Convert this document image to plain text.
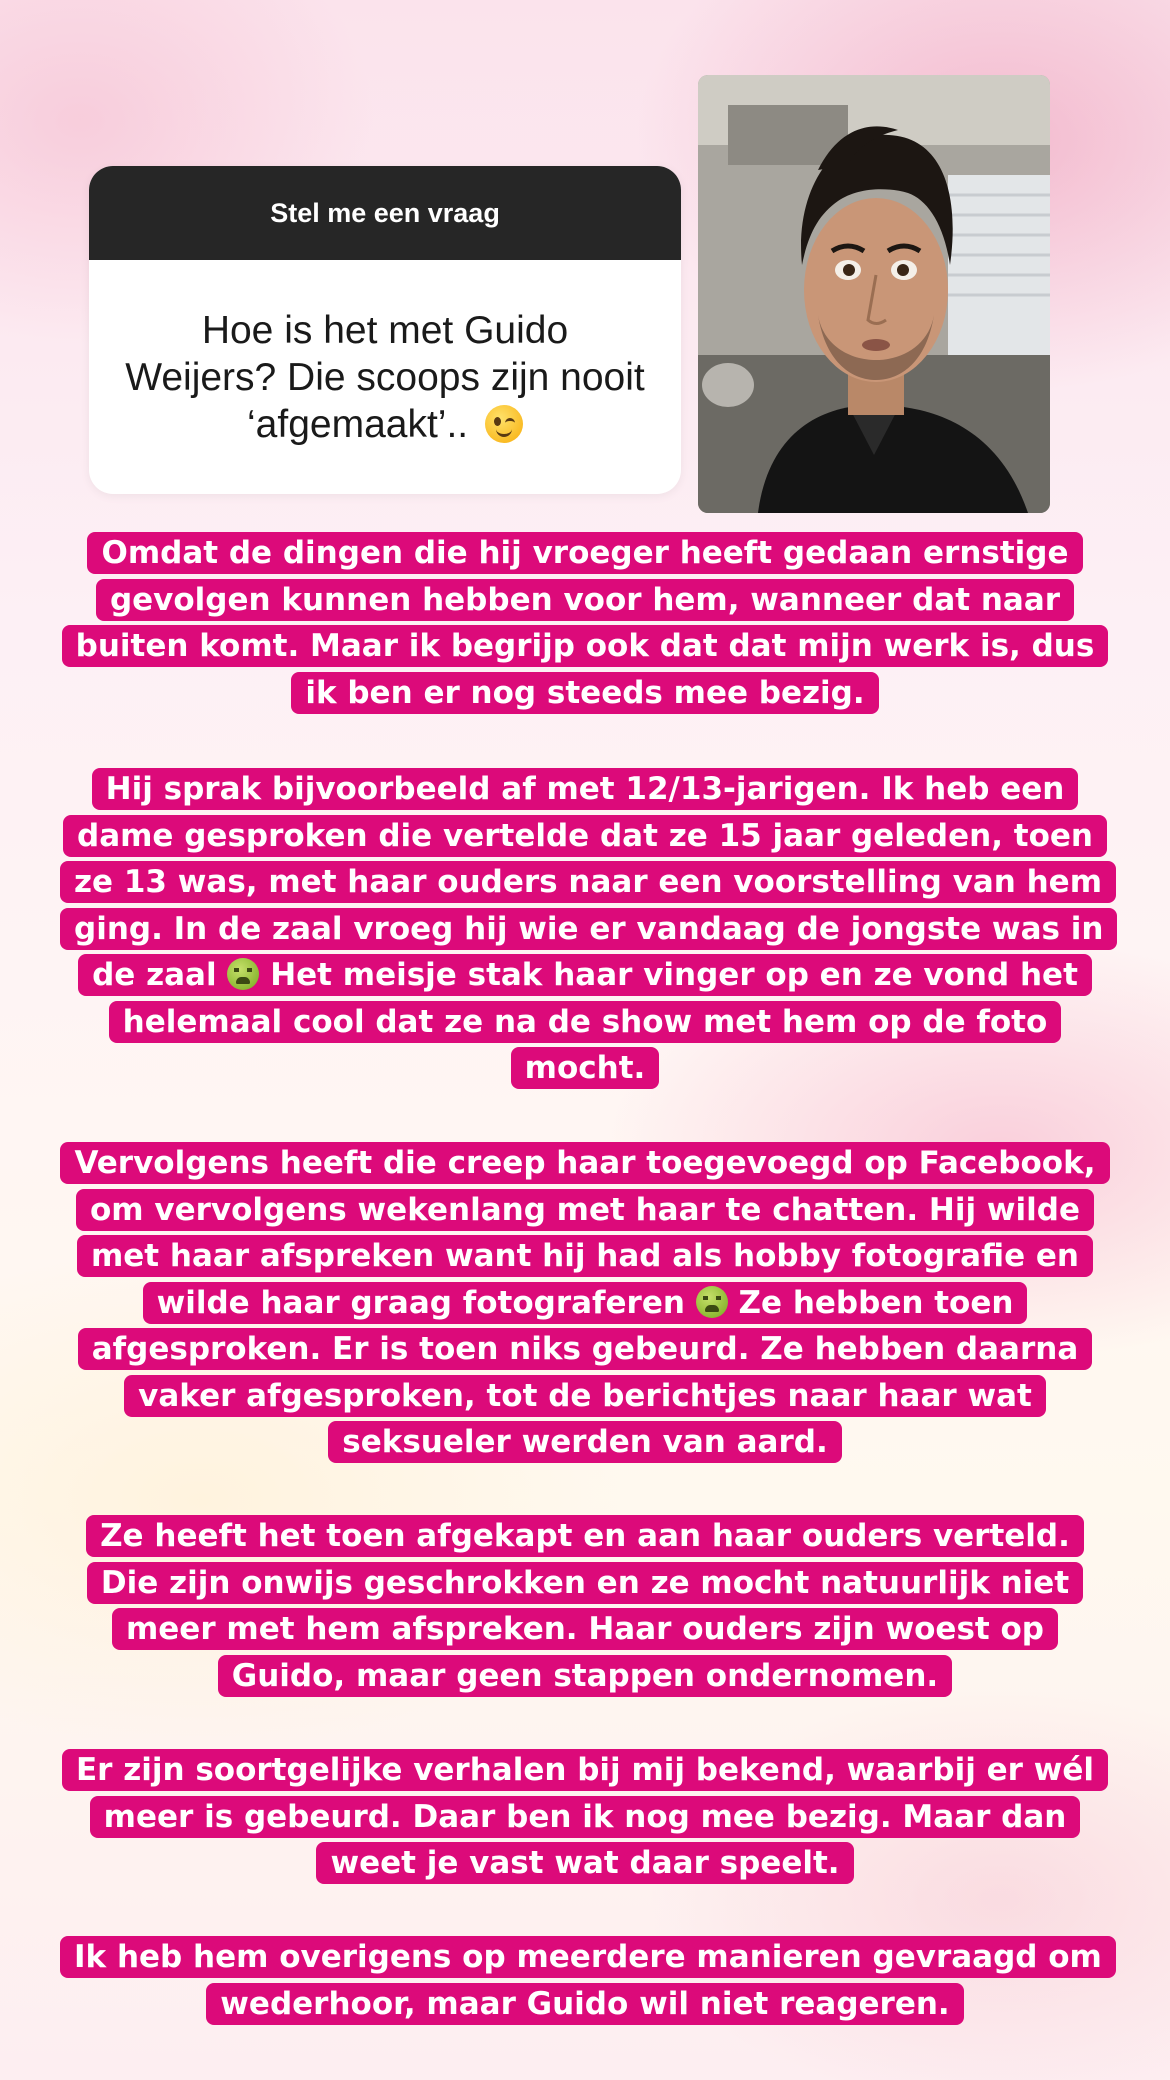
Stel me een vraag
Hoe is het met Guido Weijers? Die scoops zijn nooit ‘afgemaakt’..
Omdat de dingen die hij vroeger heeft gedaan ernstige gevolgen kunnen hebben voor hem, wanneer dat naar buiten komt. Maar ik begrijp ook dat dat mijn werk is, dus ik ben er nog steeds mee bezig.
Hij sprak bijvoorbeeld af met 12/13-jarigen. Ik heb een dame gesproken die vertelde dat ze 15 jaar geleden, toen ze 13 was, met haar ouders naar een voorstelling van hem ging. In de zaal vroeg hij wie er vandaag de jongste was in de zaal Het meisje stak haar vinger op en ze vond het helemaal cool dat ze na de show met hem op de foto mocht.
Vervolgens heeft die creep haar toegevoegd op Facebook, om vervolgens wekenlang met haar te chatten. Hij wilde met haar afspreken want hij had als hobby fotografie en wilde haar graag fotograferen Ze hebben toen afgesproken. Er is toen niks gebeurd. Ze hebben daarna vaker afgesproken, tot de berichtjes naar haar wat seksueler werden van aard.
Ze heeft het toen afgekapt en aan haar ouders verteld. Die zijn onwijs geschrokken en ze mocht natuurlijk niet meer met hem afspreken. Haar ouders zijn woest op Guido, maar geen stappen ondernomen.
Er zijn soortgelijke verhalen bij mij bekend, waarbij er wél meer is gebeurd. Daar ben ik nog mee bezig. Maar dan weet je vast wat daar speelt.
Ik heb hem overigens op meerdere manieren gevraagd om wederhoor, maar Guido wil niet reageren.
